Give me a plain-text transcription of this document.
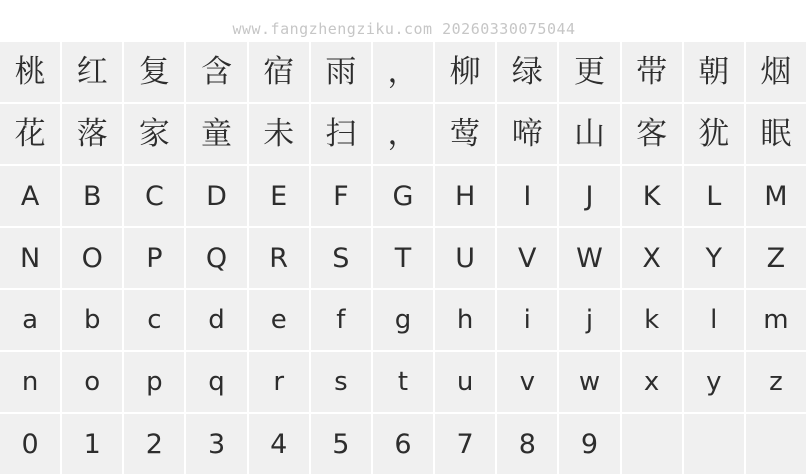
www.fangzhengziku.com 20260330075044
桃	红	复	含	宿	雨	，	柳	绿	更	带	朝	烟
花	落	家	童	未	扫	，	莺	啼	山	客	犹	眠
A	B	C	D	E	F	G	H	I	J	K	L	M
N	O	P	Q	R	S	T	U	V	W	X	Y	Z
a	b	c	d	e	f	g	h	i	j	k	l	m
n	o	p	q	r	s	t	u	v	w	x	y	z
0	1	2	3	4	5	6	7	8	9
